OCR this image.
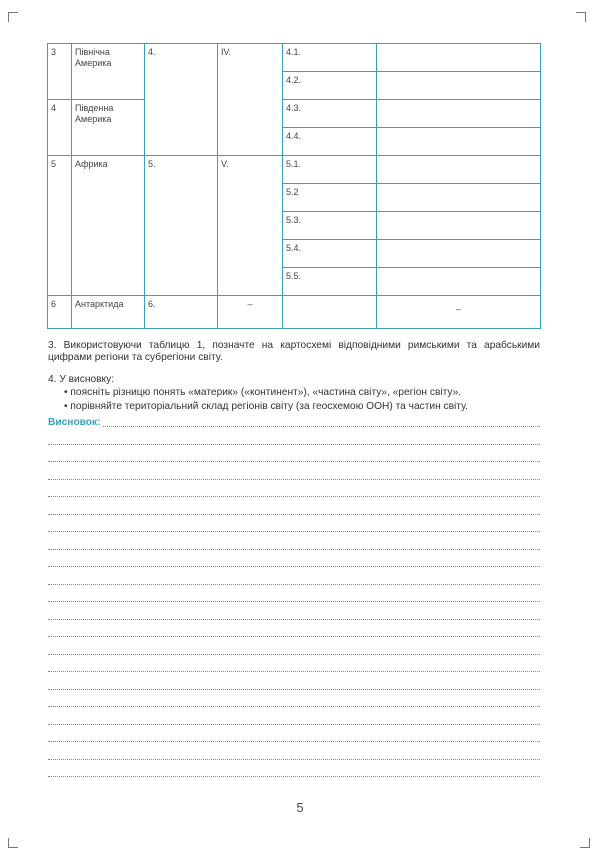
3	Північна Америка	4.	IV.	4.1.	
				4.2.	
4	Південна Америка			4.3.	
				4.4.	
5	Африка	5.	V.	5.1.	
				5.2	
				5.3.	
				5.4.	
				5.5.	
6	Антарктида	6.	–		–
3. Використовуючи таблицю 1, позначте на картосхемі відповідними римськими та арабськими цифрами регіони та субрегіони світу.
4. У висновку:
• пояснiть різницю понять «материк» («континент»), «частина світу», «регіон світу».
• порівняйте територіальний склад регіонів світу (за геосхемою ООН) та частин світу.
Висновок:
5
